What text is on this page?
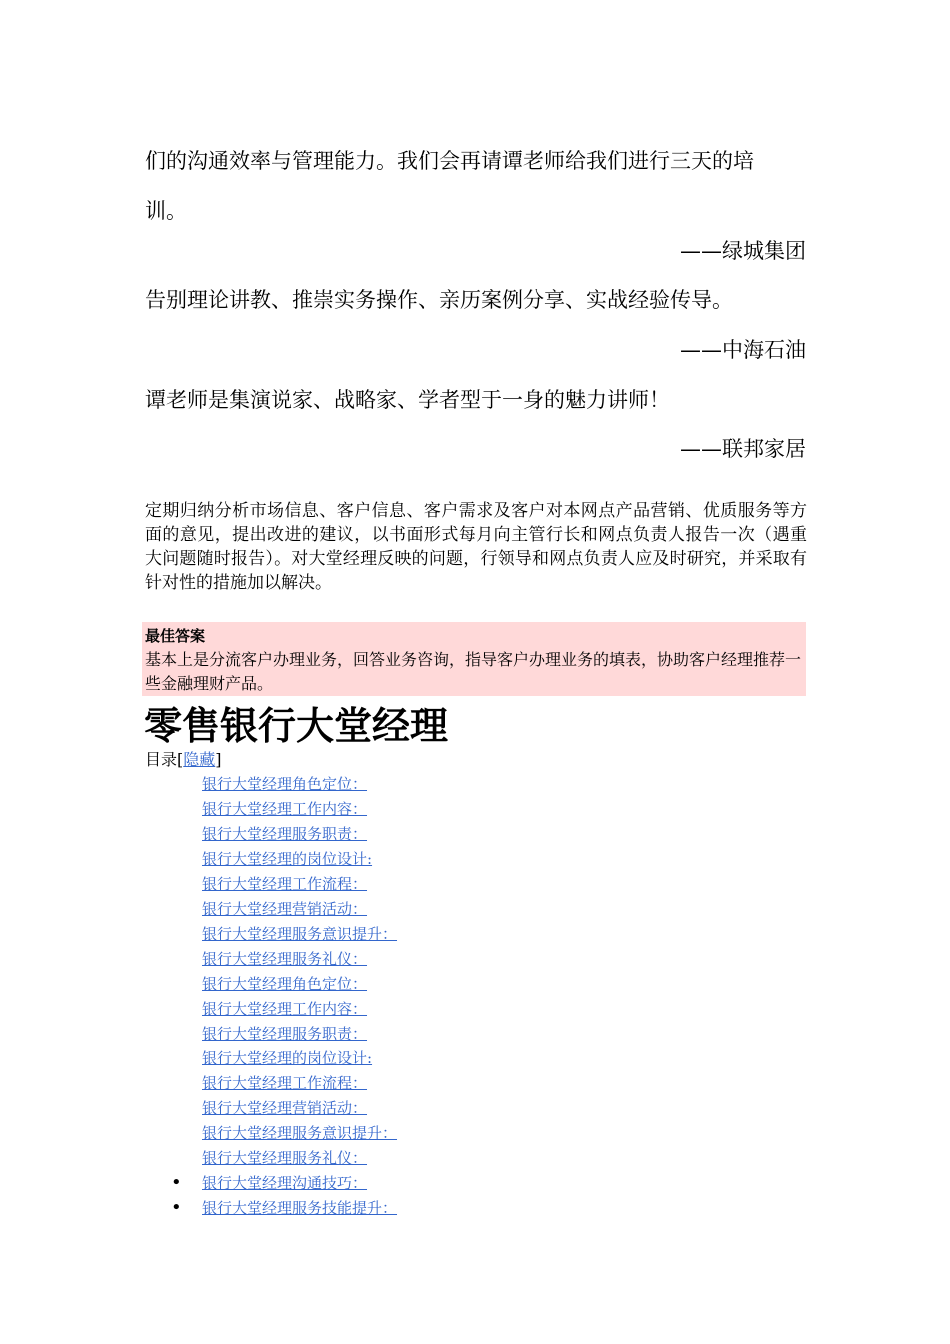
们的沟通效率与管理能力。我们会再请谭老师给我们进行三天的培
训。
——绿城集团
告别理论讲教、推崇实务操作、亲历案例分享、实战经验传导。
——中海石油
谭老师是集演说家、战略家、学者型于一身的魅力讲师！
——联邦家居
定期归纳分析市场信息、客户信息、客户需求及客户对本网点产品营销、优质服务等方面的意见，提出改进的建议，以书面形式每月向主管行长和网点负责人报告一次（遇重大问题随时报告）。对大堂经理反映的问题，行领导和网点负责人应及时研究，并采取有针对性的措施加以解决。
最佳答案
基本上是分流客户办理业务，回答业务咨询，指导客户办理业务的填表，协助客户经理推荐一些金融理财产品。
零售银行大堂经理
目录[隐藏]
银行大堂经理角色定位：
银行大堂经理工作内容：
银行大堂经理服务职责：
银行大堂经理的岗位设计:
银行大堂经理工作流程：
银行大堂经理营销活动：
银行大堂经理服务意识提升：
银行大堂经理服务礼仪：
银行大堂经理角色定位：
银行大堂经理工作内容：
银行大堂经理服务职责：
银行大堂经理的岗位设计:
银行大堂经理工作流程：
银行大堂经理营销活动：
银行大堂经理服务意识提升：
银行大堂经理服务礼仪：
• 银行大堂经理沟通技巧：
• 银行大堂经理服务技能提升：
